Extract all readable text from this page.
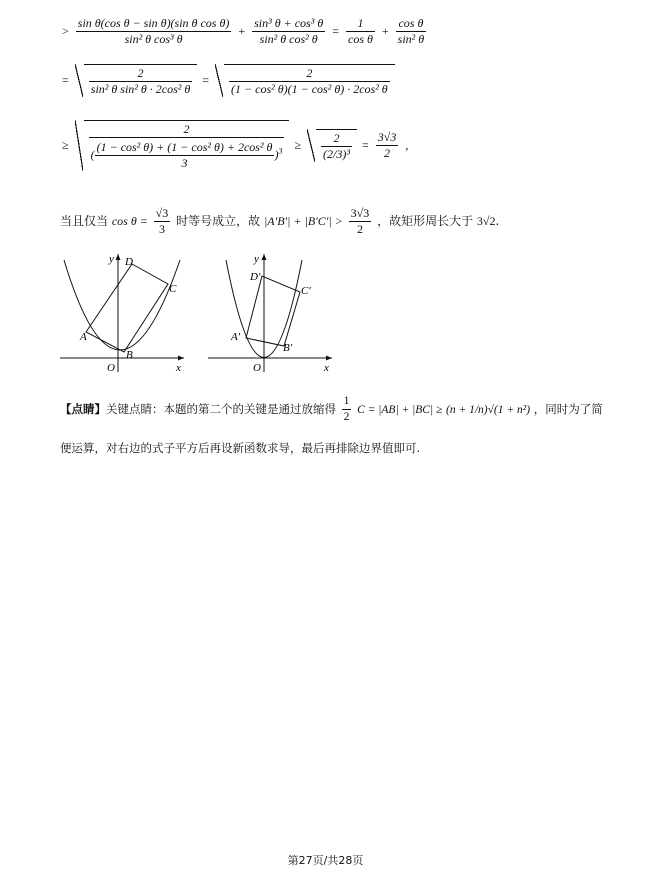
> $\frac{\text{sin θ(cos θ − sin θ)(sin θ cos θ)}}{\text{sin² θ cos³ θ}} + \frac{\text{sin³ θ + cos³ θ}}{\text{sin² θ cos² θ}} = \frac{1}{\text{cos θ}} + \frac{\text{cos θ}}{\text{sin² θ}}$
= $\frac{2}{\text{sin² θ sin² θ · 2cos² θ}} = \frac{2}{\text{(1 − cos² θ)(1 − cos² θ) · 2cos² θ}}$
≥
2
( $\frac{\text{(1 − cos² θ) + (1 − cos² θ) + 2cos² θ}}{3} )^3 \ge \frac{2}{\text{(2/3)³}} = \frac{3√3}{2}$ ,
当且仅当 $\cos \theta = \frac{√3}{3}$ 时等号成立，故 $|A'B'| + |B'C'| > \frac{3√3}{2}$ ，故矩形周长大于 3√2.
y D
C
A
B
O	x
y
D′
C′
A′
B′
O	x
【点睛】关键点睛：本题的第二个的关键是通过放缩得 $\frac{1}{2}$ C = |AB| + |BC| ≥ (n + 1/n)√(1 + n²) ，同时为了简
便运算，对右边的式子平方后再设新函数求导，最后再排除边界值即可.
第27页/共28页
